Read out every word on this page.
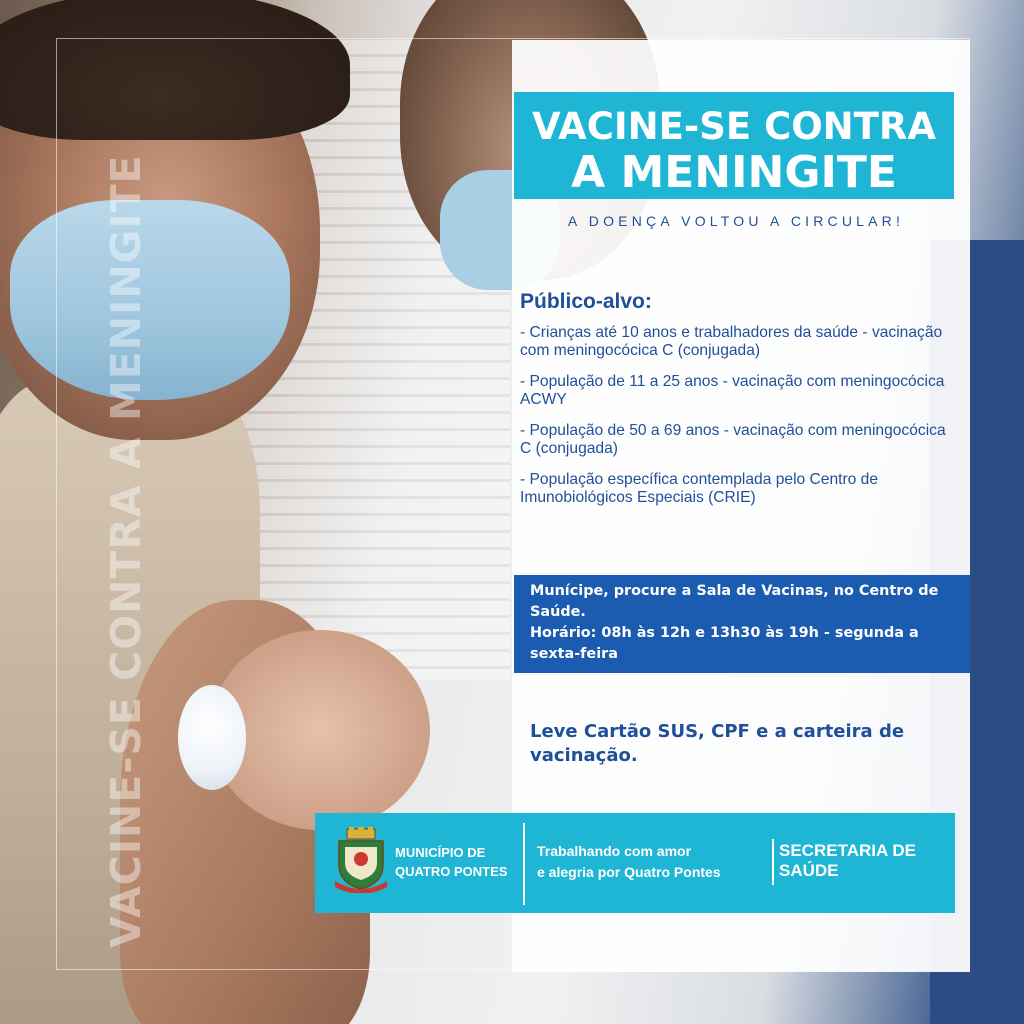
VACINE-SE CONTRA A MENINGITE
VACINE-SE CONTRA
A MENINGITE
A DOENÇA VOLTOU A CIRCULAR!
Público-alvo:
- Crianças até 10 anos e trabalhadores da saúde - vacinação com meningocócica C (conjugada)
- População de 11 a 25 anos - vacinação com meningocócica ACWY
- População de 50 a 69 anos - vacinação com meningocócica C (conjugada)
- População específica contemplada pelo Centro de Imunobiológicos Especiais (CRIE)

Munícipe, procure a Sala de Vacinas, no Centro de Saúde.

Horário: 08h às 12h e 13h30 às 19h - segunda a sexta-feira

Leve Cartão SUS, CPF e a carteira de vacinação.
MUNICÍPIO DE
QUATRO PONTES
Trabalhando com amor
e alegria por Quatro Pontes
SECRETARIA DE
SAÚDE
